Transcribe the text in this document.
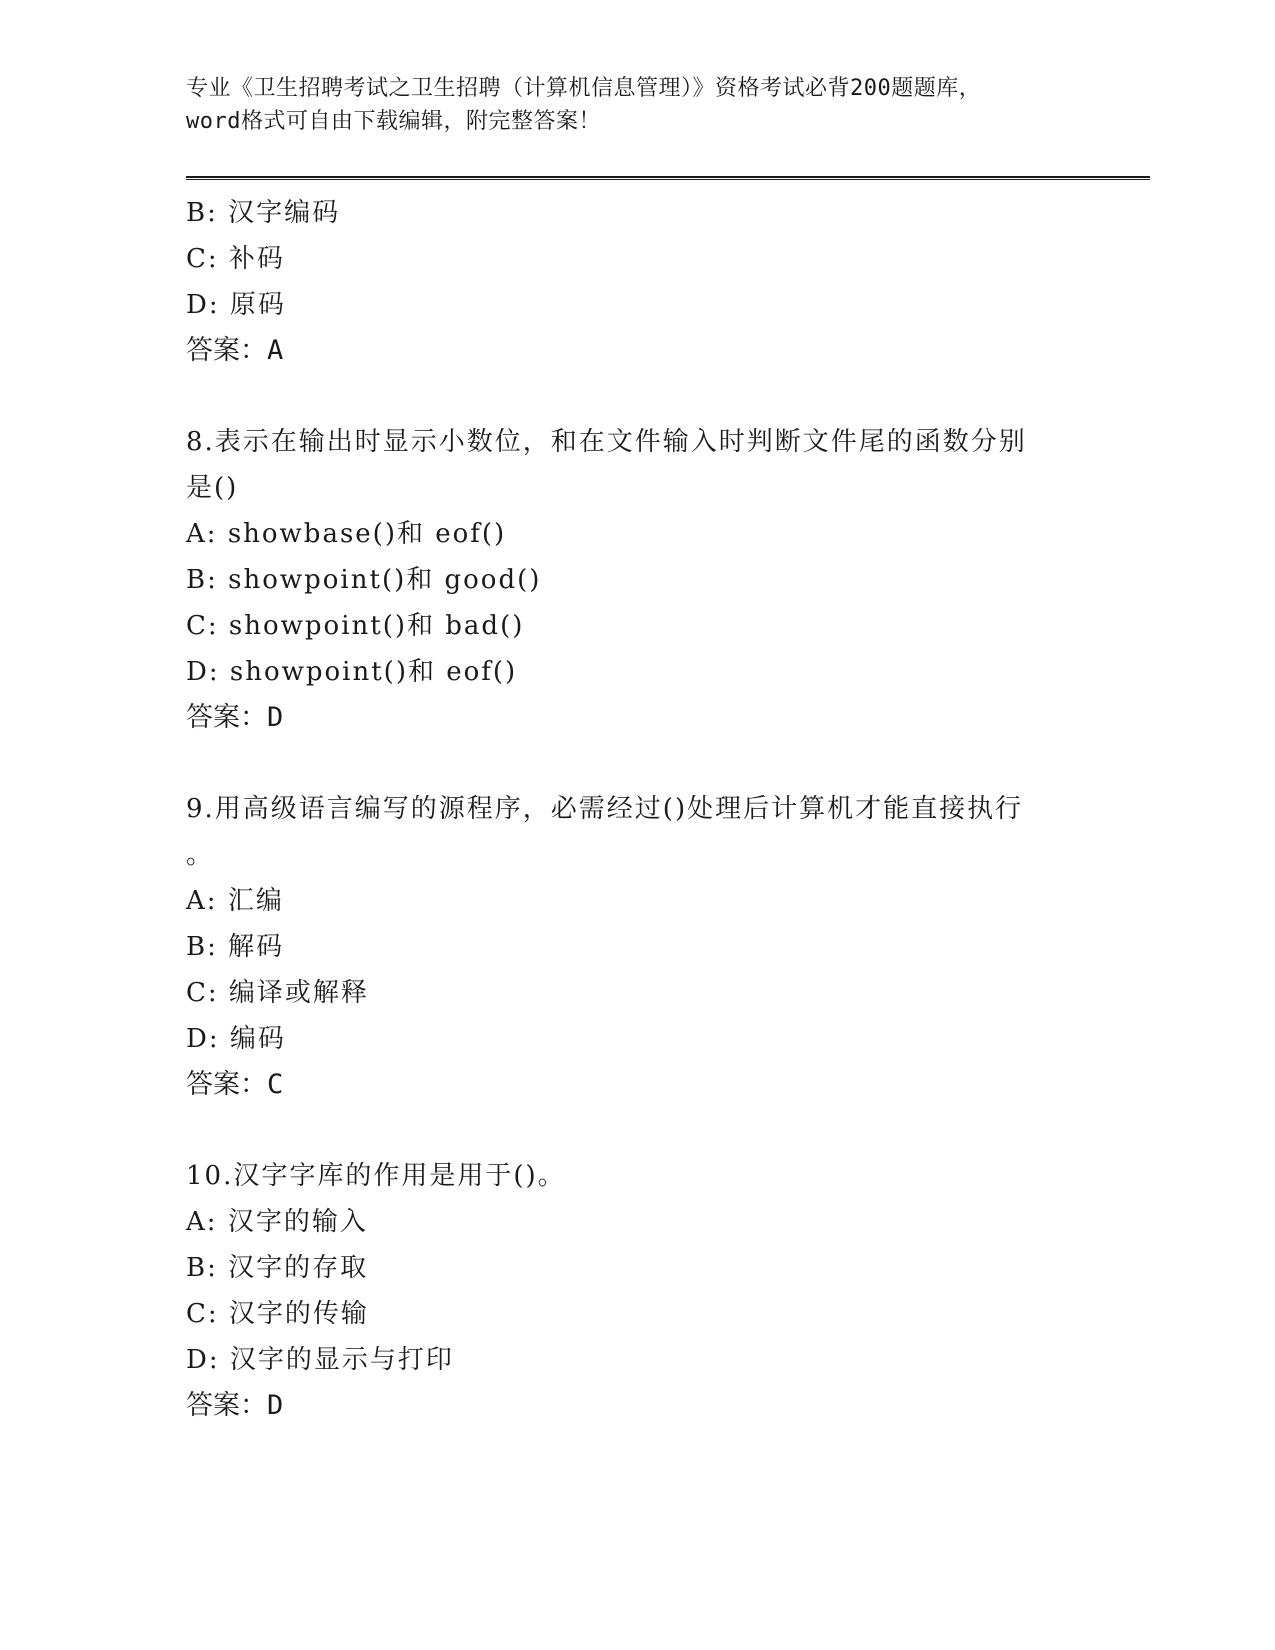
专业《卫生招聘考试之卫生招聘（计算机信息管理）》资格考试必背200题题库，
word格式可自由下载编辑，附完整答案！
B: 汉字编码
C: 补码
D: 原码
答案：A
8.表示在输出时显示小数位，和在文件输入时判断文件尾的函数分别
是()
A: showbase()和 eof()
B: showpoint()和 good()
C: showpoint()和 bad()
D: showpoint()和 eof()
答案：D
9.用高级语言编写的源程序，必需经过()处理后计算机才能直接执行
。
A: 汇编
B: 解码
C: 编译或解释
D: 编码
答案：C
10.汉字字库的作用是用于()。
A: 汉字的输入
B: 汉字的存取
C: 汉字的传输
D: 汉字的显示与打印
答案：D
